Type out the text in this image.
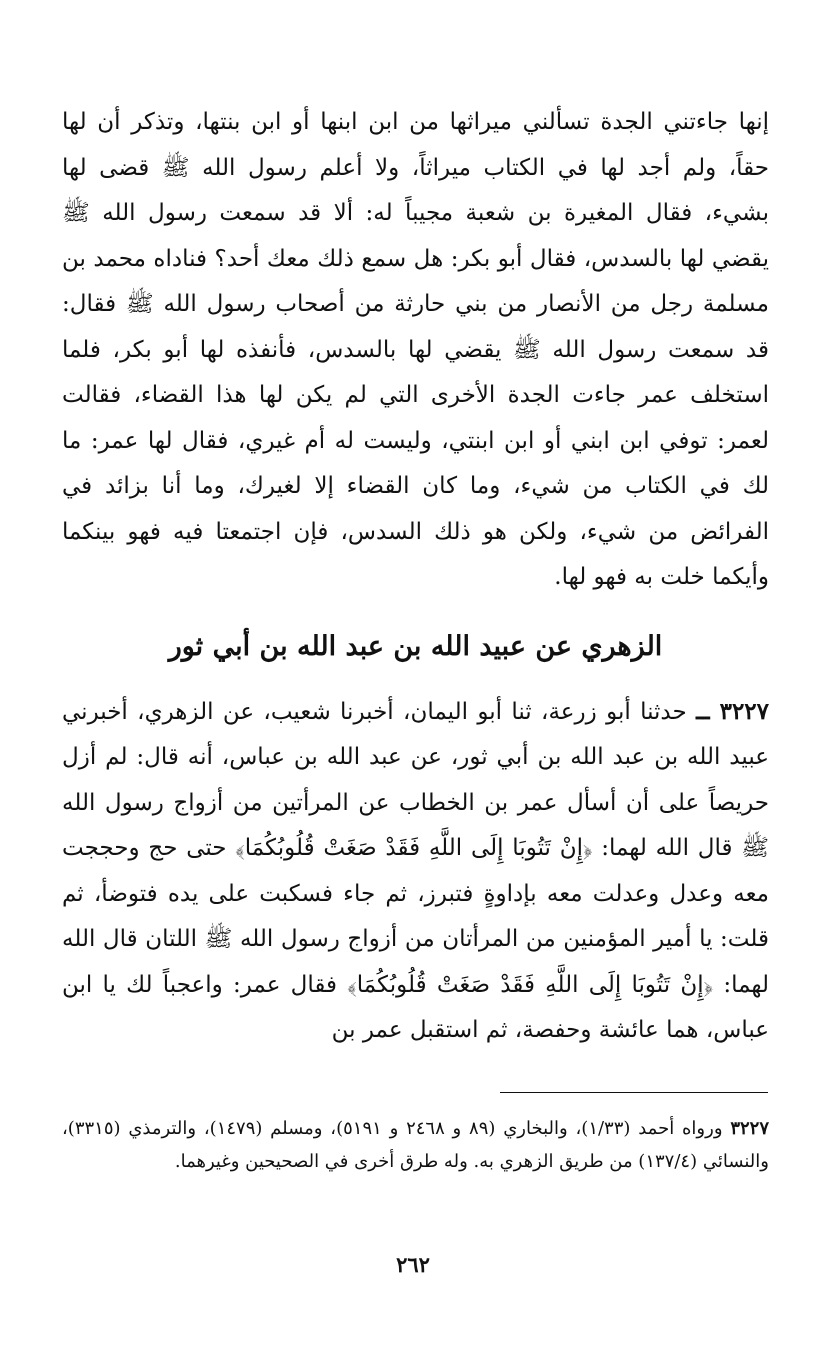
إنها جاءتني الجدة تسألني ميراثها من ابن ابنها أو ابن بنتها، وتذكر أن لها حقاً، ولم أجد لها في الكتاب ميراثاً، ولا أعلم رسول الله ﷺ قضى لها بشيء، فقال المغيرة بن شعبة مجيباً له: ألا قد سمعت رسول الله ﷺ يقضي لها بالسدس، فقال أبو بكر: هل سمع ذلك معك أحد؟ فناداه محمد بن مسلمة رجل من الأنصار من بني حارثة من أصحاب رسول الله ﷺ فقال: قد سمعت رسول الله ﷺ يقضي لها بالسدس، فأنفذه لها أبو بكر، فلما استخلف عمر جاءت الجدة الأخرى التي لم يكن لها هذا القضاء، فقالت لعمر: توفي ابن ابني أو ابن ابنتي، وليست له أم غيري، فقال لها عمر: ما لك في الكتاب من شيء، وما كان القضاء إلا لغيرك، وما أنا بزائد في الفرائض من شيء، ولكن هو ذلك السدس، فإن اجتمعتا فيه فهو بينكما وأيكما خلت به فهو لها.

الزهري عن عبيد الله بن عبد الله بن أبي ثور

٣٢٢٧ ــ حدثنا أبو زرعة، ثنا أبو اليمان، أخبرنا شعيب، عن الزهري، أخبرني عبيد الله بن عبد الله بن أبي ثور، عن عبد الله بن عباس، أنه قال: لم أزل حريصاً على أن أسأل عمر بن الخطاب عن المرأتين من أزواج رسول الله ﷺ قال الله لهما: ﴿إِنْ تَتُوبَا إِلَى اللَّهِ فَقَدْ صَغَتْ قُلُوبُكُمَا﴾ حتى حج وحججت معه وعدل وعدلت معه بإداوةٍ فتبرز، ثم جاء فسكبت على يده فتوضأ، ثم قلت: يا أمير المؤمنين من المرأتان من أزواج رسول الله ﷺ اللتان قال الله لهما: ﴿إِنْ تَتُوبَا إِلَى اللَّهِ فَقَدْ صَغَتْ قُلُوبُكُمَا﴾ فقال عمر: واعجباً لك يا ابن عباس، هما عائشة وحفصة، ثم استقبل عمر بن

٣٢٢٧ ورواه أحمد (١/٣٣)، والبخاري (٨٩ و ٢٤٦٨ و ٥١٩١)، ومسلم (١٤٧٩)، والترمذي (٣٣١٥)، والنسائي (١٣٧/٤) من طريق الزهري به. وله طرق أخرى في الصحيحين وغيرهما.
٢٦٢
